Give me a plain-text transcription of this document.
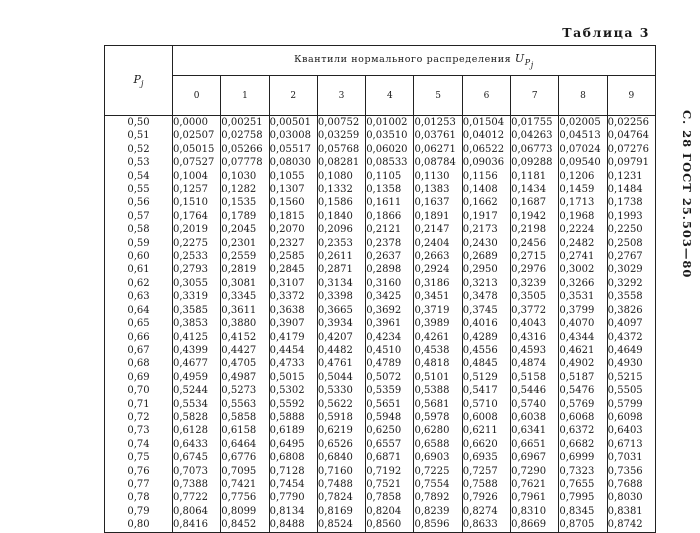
Таблица 3
С. 28 ГОСТ 25.503—80
$P_j$	Квантили нормального распределения $U_{P_j}$
	0	1	2	3	4	5	6	7	8	9
0,50	0,0000	0,00251	0,00501	0,00752	0,01002	0,01253	0,01504	0,01755	0,02005	0,02256
0,51	0,02507	0,02758	0,03008	0,03259	0,03510	0,03761	0,04012	0,04263	0,04513	0,04764
0,52	0,05015	0,05266	0,05517	0,05768	0,06020	0,06271	0,06522	0,06773	0,07024	0,07276
0,53	0,07527	0,07778	0,08030	0,08281	0,08533	0,08784	0,09036	0,09288	0,09540	0,09791
0,54	0,1004	0,1030	0,1055	0,1080	0,1105	0,1130	0,1156	0,1181	0,1206	0,1231
0,55	0,1257	0,1282	0,1307	0,1332	0,1358	0,1383	0,1408	0,1434	0,1459	0,1484
0,56	0,1510	0,1535	0,1560	0,1586	0,1611	0,1637	0,1662	0,1687	0,1713	0,1738
0,57	0,1764	0,1789	0,1815	0,1840	0,1866	0,1891	0,1917	0,1942	0,1968	0,1993
0,58	0,2019	0,2045	0,2070	0,2096	0,2121	0,2147	0,2173	0,2198	0,2224	0,2250
0,59	0,2275	0,2301	0,2327	0,2353	0,2378	0,2404	0,2430	0,2456	0,2482	0,2508
0,60	0,2533	0,2559	0,2585	0,2611	0,2637	0,2663	0,2689	0,2715	0,2741	0,2767
0,61	0,2793	0,2819	0,2845	0,2871	0,2898	0,2924	0,2950	0,2976	0,3002	0,3029
0,62	0,3055	0,3081	0,3107	0,3134	0,3160	0,3186	0,3213	0,3239	0,3266	0,3292
0,63	0,3319	0,3345	0,3372	0,3398	0,3425	0,3451	0,3478	0,3505	0,3531	0,3558
0,64	0,3585	0,3611	0,3638	0,3665	0,3692	0,3719	0,3745	0,3772	0,3799	0,3826
0,65	0,3853	0,3880	0,3907	0,3934	0,3961	0,3989	0,4016	0,4043	0,4070	0,4097
0,66	0,4125	0,4152	0,4179	0,4207	0,4234	0,4261	0,4289	0,4316	0,4344	0,4372
0,67	0,4399	0,4427	0,4454	0,4482	0,4510	0,4538	0,4556	0,4593	0,4621	0,4649
0,68	0,4677	0,4705	0,4733	0,4761	0,4789	0,4818	0,4845	0,4874	0,4902	0,4930
0,69	0,4959	0,4987	0,5015	0,5044	0,5072	0,5101	0,5129	0,5158	0,5187	0,5215
0,70	0,5244	0,5273	0,5302	0,5330	0,5359	0,5388	0,5417	0,5446	0,5476	0,5505
0,71	0,5534	0,5563	0,5592	0,5622	0,5651	0,5681	0,5710	0,5740	0,5769	0,5799
0,72	0,5828	0,5858	0,5888	0,5918	0,5948	0,5978	0,6008	0,6038	0,6068	0,6098
0,73	0,6128	0,6158	0,6189	0,6219	0,6250	0,6280	0,6211	0,6341	0,6372	0,6403
0,74	0,6433	0,6464	0,6495	0,6526	0,6557	0,6588	0,6620	0,6651	0,6682	0,6713
0,75	0,6745	0,6776	0,6808	0,6840	0,6871	0,6903	0,6935	0,6967	0,6999	0,7031
0,76	0,7073	0,7095	0,7128	0,7160	0,7192	0,7225	0,7257	0,7290	0,7323	0,7356
0,77	0,7388	0,7421	0,7454	0,7488	0,7521	0,7554	0,7588	0,7621	0,7655	0,7688
0,78	0,7722	0,7756	0,7790	0,7824	0,7858	0,7892	0,7926	0,7961	0,7995	0,8030
0,79	0,8064	0,8099	0,8134	0,8169	0,8204	0,8239	0,8274	0,8310	0,8345	0,8381
0,80	0,8416	0,8452	0,8488	0,8524	0,8560	0,8596	0,8633	0,8669	0,8705	0,8742
